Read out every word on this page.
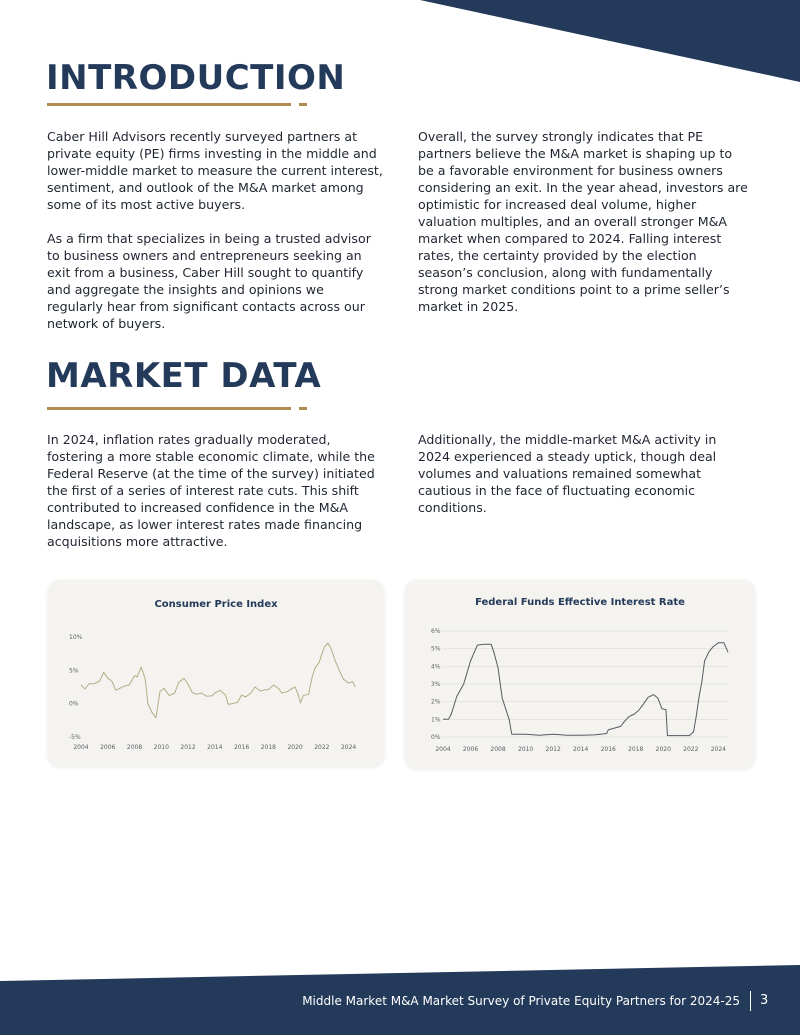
INTRODUCTION

Caber Hill Advisors recently surveyed partners at private equity (PE) firms investing in the middle and lower-middle market to measure the current interest, sentiment, and outlook of the M&A market among some of its most active buyers.

As a firm that specializes in being a trusted advisor to business owners and entrepreneurs seeking an exit from a business, Caber Hill sought to quantify and aggregate the insights and opinions we regularly hear from significant contacts across our network of buyers.

Overall, the survey strongly indicates that PE partners believe the M&A market is shaping up to be a favorable environment for business owners considering an exit. In the year ahead, investors are optimistic for increased deal volume, higher valuation multiples, and an overall stronger M&A market when compared to 2024. Falling interest rates, the certainty provided by the election season’s conclusion, along with fundamentally strong market conditions point to a prime seller’s market in 2025.

MARKET DATA

In 2024, inflation rates gradually moderated, fostering a more stable economic climate, while the Federal Reserve (at the time of the survey) initiated the first of a series of interest rate cuts. This shift contributed to increased confidence in the M&A landscape, as lower interest rates made financing acquisitions more attractive.

Additionally, the middle-market M&A activity in 2024 experienced a steady uptick, though deal volumes and valuations remained somewhat cautious in the face of fluctuating economic conditions.

Consumer Price Index
-5%
0%
5%
10%
2004 2006 2008 2010 2012 2014 2016 2018 2020 2022 2024
Federal Funds Effective Interest Rate
0%
1%
2%
3%
4%
5%
6%
2004 2006 2008 2010 2012 2014 2016 2018 2020 2022 2024
Middle Market M&A Market Survey of Private Equity Partners for 2024-25 3
